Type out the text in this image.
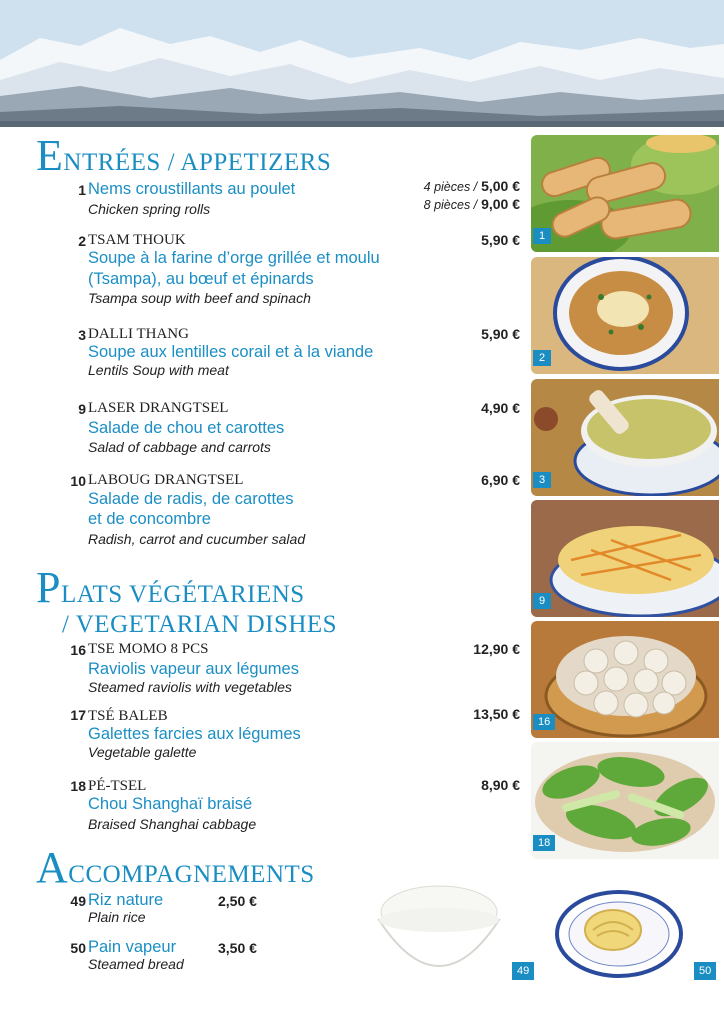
ENTRÉES / APPETIZERS
1 Nems croustillants au poulet
Chicken spring rolls
4 pièces / 5,00 €
8 pièces / 9,00 €
2 TSAM THOUK
Soupe à la farine d’orge grillée et moulu
(Tsampa), au bœuf et épinards
Tsampa soup with beef and spinach
5,90 €
3 DALLI THANG
Soupe aux lentilles corail et à la viande
Lentils Soup with meat
5,90 €
9 LASER DRANGTSEL
Salade de chou et carottes
Salad of cabbage and carrots
4,90 €
10 LABOUG DRANGTSEL
Salade de radis, de carottes
et de concombre
Radish, carrot and cucumber salad
6,90 €
PLATS VÉGÉTARIENS
/ VEGETARIAN DISHES
16 TSE MOMO 8 PCS
Raviolis vapeur aux légumes
Steamed raviolis with vegetables
12,90 €
17 TSÉ BALEB
Galettes farcies aux légumes
Vegetable galette
13,50 €
18 PÉ-TSEL
Chou Shanghaï braisé
Braised Shanghai cabbage
8,90 €
ACCOMPAGNEMENTS
49 Riz nature
Plain rice
2,50 €
50 Pain vapeur
Steamed bread
3,50 €
1
2
3
9
16
18
49	50
